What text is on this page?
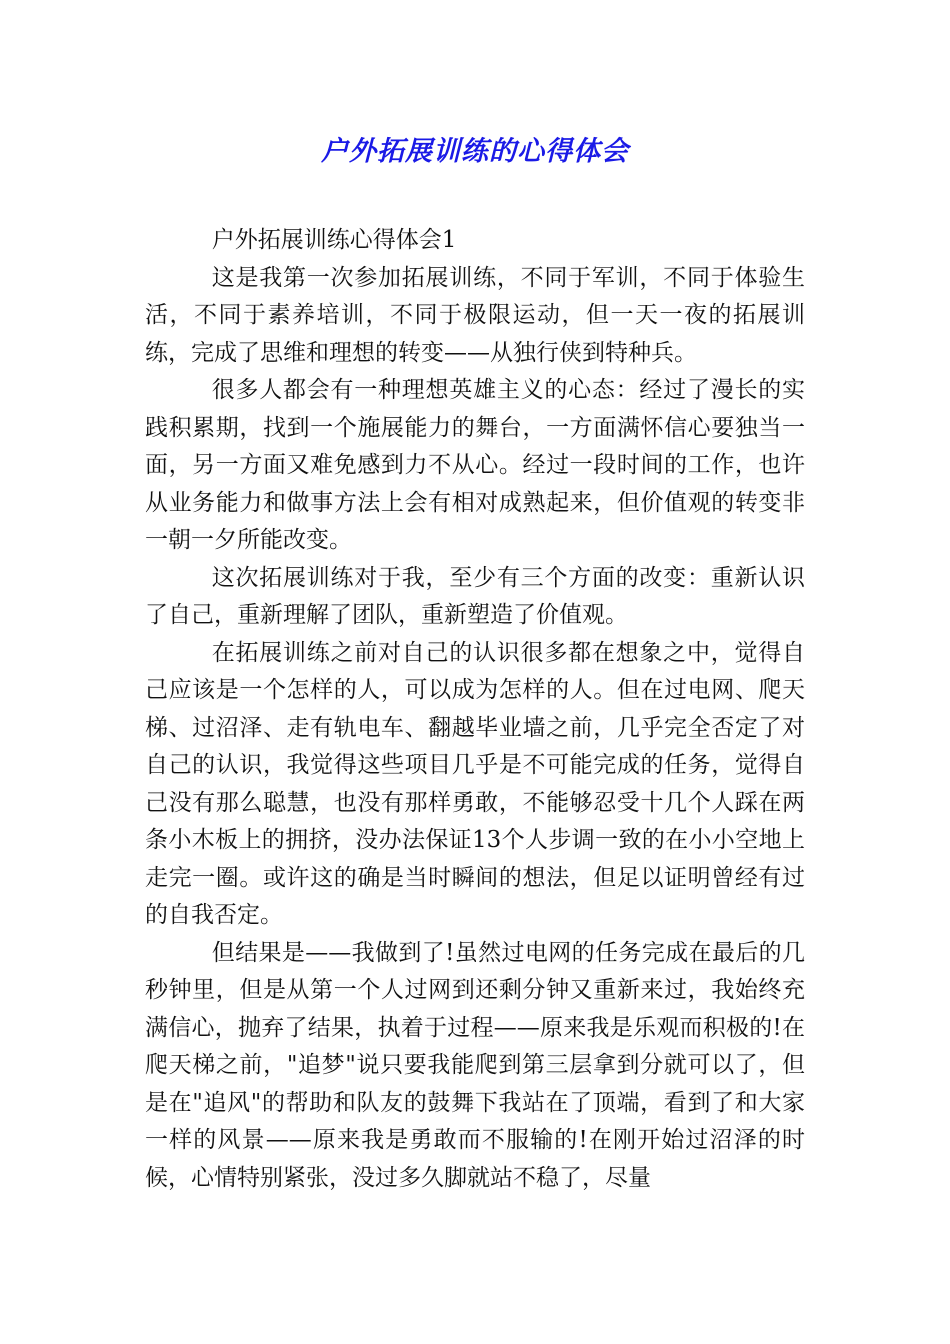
户外拓展训练的心得体会

户外拓展训练心得体会1

这是我第一次参加拓展训练，不同于军训，不同于体验生活，不同于素养培训，不同于极限运动，但一天一夜的拓展训练，完成了思维和理想的转变——从独行侠到特种兵。

很多人都会有一种理想英雄主义的心态：经过了漫长的实践积累期，找到一个施展能力的舞台，一方面满怀信心要独当一面，另一方面又难免感到力不从心。经过一段时间的工作，也许从业务能力和做事方法上会有相对成熟起来，但价值观的转变非一朝一夕所能改变。

这次拓展训练对于我，至少有三个方面的改变：重新认识了自己，重新理解了团队，重新塑造了价值观。

在拓展训练之前对自己的认识很多都在想象之中，觉得自己应该是一个怎样的人，可以成为怎样的人。但在过电网、爬天梯、过沼泽、走有轨电车、翻越毕业墙之前，几乎完全否定了对自己的认识，我觉得这些项目几乎是不可能完成的任务，觉得自己没有那么聪慧，也没有那样勇敢，不能够忍受十几个人踩在两条小木板上的拥挤，没办法保证13个人步调一致的在小小空地上走完一圈。或许这的确是当时瞬间的想法，但足以证明曾经有过的自我否定。

但结果是——我做到了!虽然过电网的任务完成在最后的几秒钟里，但是从第一个人过网到还剩分钟又重新来过，我始终充满信心，抛弃了结果，执着于过程——原来我是乐观而积极的!在爬天梯之前，"追梦"说只要我能爬到第三层拿到分就可以了，但是在"追风"的帮助和队友的鼓舞下我站在了顶端，看到了和大家一样的风景——原来我是勇敢而不服输的!在刚开始过沼泽的时候，心情特别紧张，没过多久脚就站不稳了，尽量
